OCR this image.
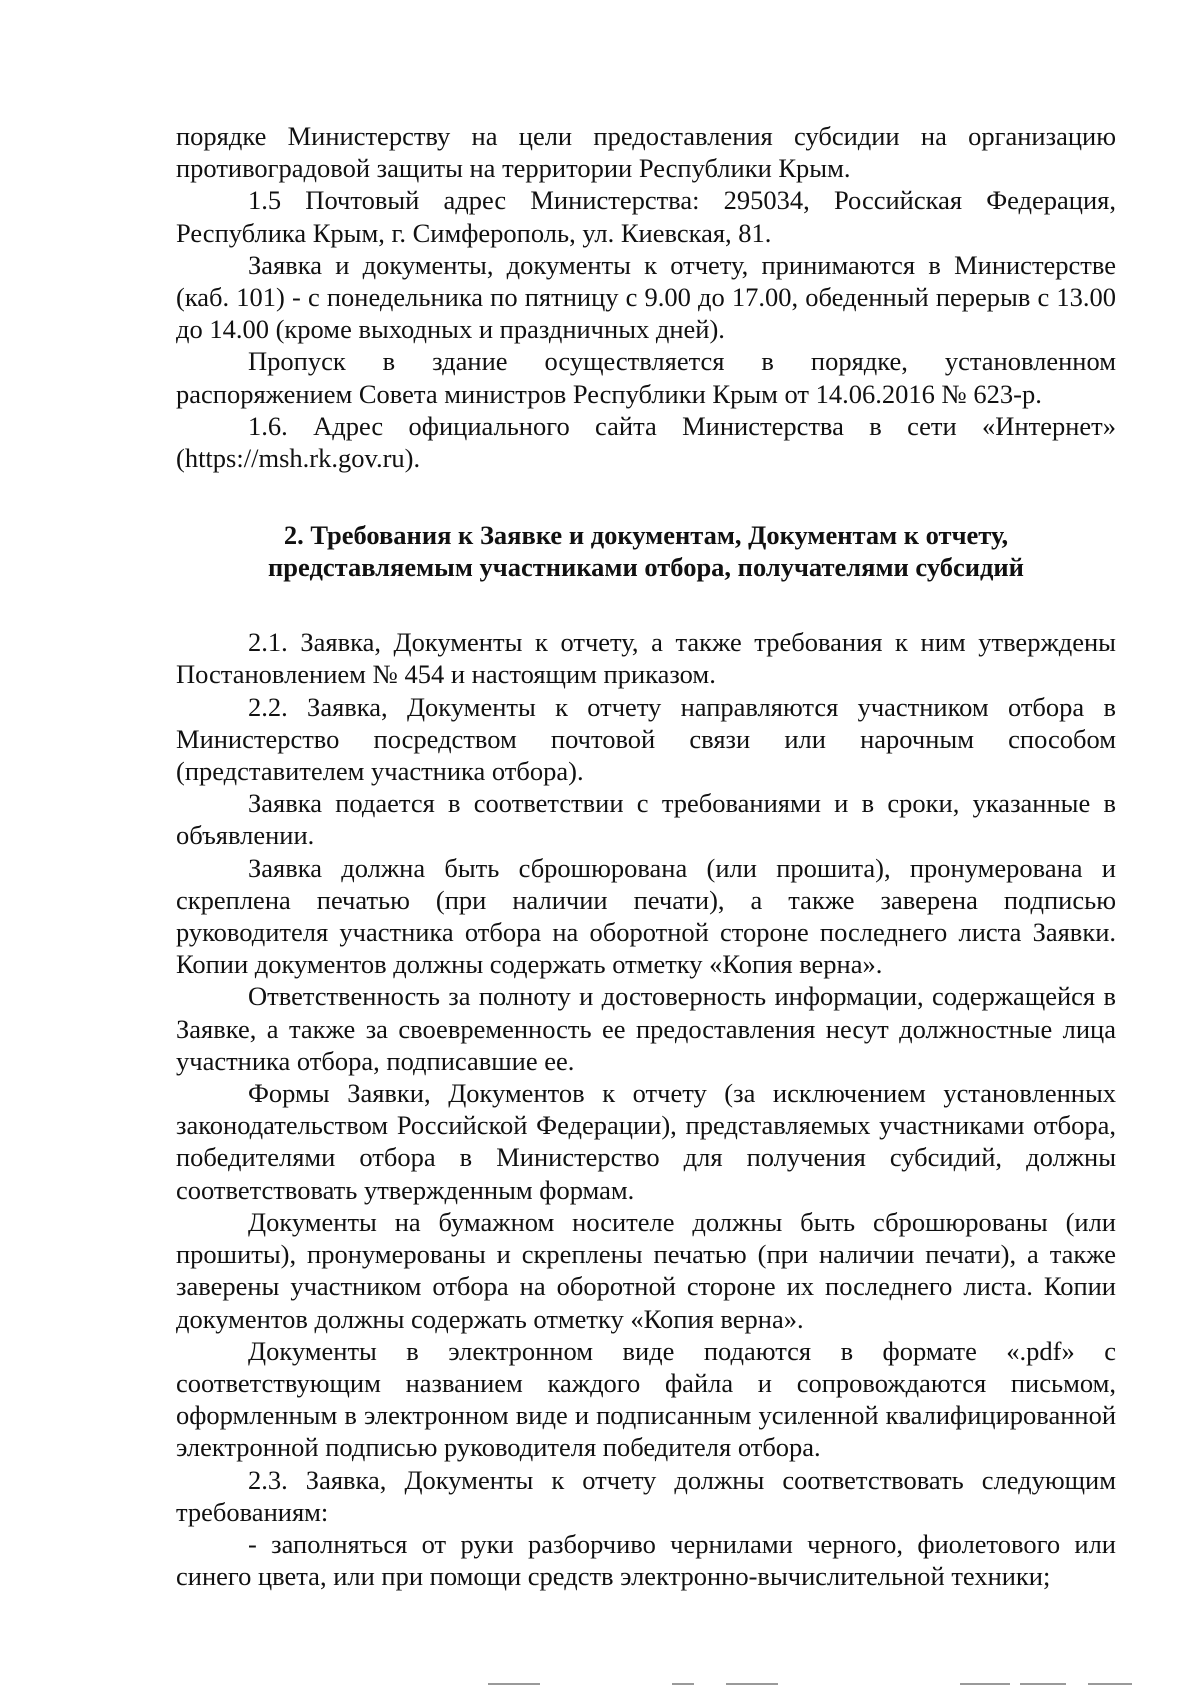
порядке Министерству на цели предоставления субсидии на организацию противоградовой защиты на территории Республики Крым.

1.5 Почтовый адрес Министерства: 295034, Российская Федерация, Республика Крым, г. Симферополь, ул. Киевская, 81.

Заявка и документы, документы к отчету, принимаются в Министерстве (каб. 101) - с понедельника по пятницу с 9.00 до 17.00, обеденный перерыв с 13.00 до 14.00 (кроме выходных и праздничных дней).

Пропуск в здание осуществляется в порядке, установленном распоряжением Совета министров Республики Крым от 14.06.2016 № 623-р.

1.6. Адрес официального сайта Министерства в сети «Интернет» (https://msh.rk.gov.ru).

2. Требования к Заявке и документам, Документам к отчету,
представляемым участниками отбора, получателями субсидий

2.1. Заявка, Документы к отчету, а также требования к ним утверждены Постановлением № 454 и настоящим приказом.

2.2. Заявка, Документы к отчету направляются участником отбора в Министерство посредством почтовой связи или нарочным способом (представителем участника отбора).

Заявка подается в соответствии с требованиями и в сроки, указанные в объявлении.

Заявка должна быть сброшюрована (или прошита), пронумерована и скреплена печатью (при наличии печати), а также заверена подписью руководителя участника отбора на оборотной стороне последнего листа Заявки. Копии документов должны содержать отметку «Копия верна».

Ответственность за полноту и достоверность информации, содержащейся в Заявке, а также за своевременность ее предоставления несут должностные лица участника отбора, подписавшие ее.

Формы Заявки, Документов к отчету (за исключением установленных законодательством Российской Федерации), представляемых участниками отбора, победителями отбора в Министерство для получения субсидий, должны соответствовать утвержденным формам.

Документы на бумажном носителе должны быть сброшюрованы (или прошиты), пронумерованы и скреплены печатью (при наличии печати), а также заверены участником отбора на оборотной стороне их последнего листа. Копии документов должны содержать отметку «Копия верна».

Документы в электронном виде подаются в формате «.pdf» с соответствующим названием каждого файла и сопровождаются письмом, оформленным в электронном виде и подписанным усиленной квалифицированной электронной подписью руководителя победителя отбора.

2.3. Заявка, Документы к отчету должны соответствовать следующим требованиям:

- заполняться от руки разборчиво чернилами черного, фиолетового или синего цвета, или при помощи средств электронно-вычислительной техники;
